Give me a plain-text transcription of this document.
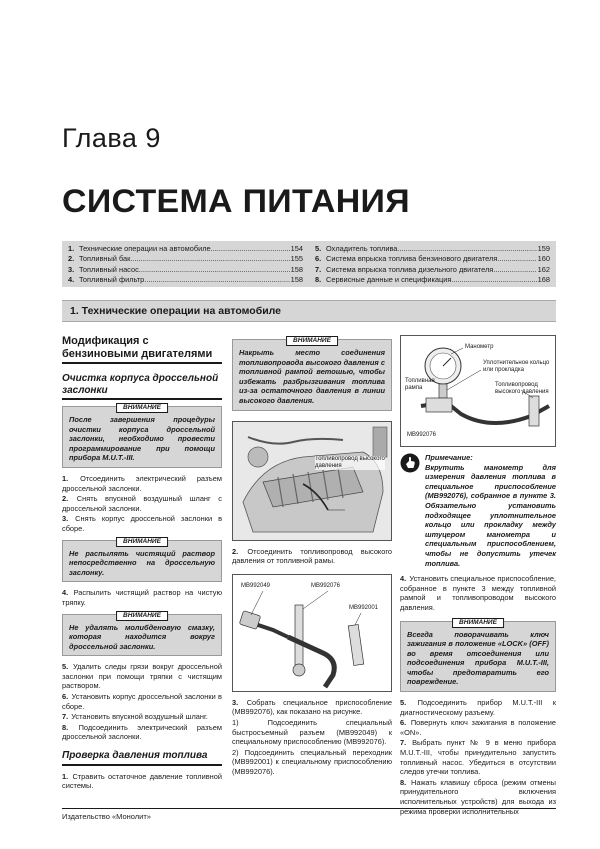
Глава 9
СИСТЕМА ПИТАНИЯ
1. Технические операции на автомобиле .....	154
2. Топливный бак .....	155
3. Топливный насос .....	158
4. Топливный фильтр .....	158
5. Охладитель топлива .....	159
6. Система впрыска топлива бензинового двигателя .....	160
7. Система впрыска топлива дизельного двигателя .....	162
8. Сервисные данные и спецификация .....	168
1. Технические операции на автомобиле
Модификация с бензиновыми двигателями
Очистка корпуса дроссельной заслонки
ВНИМАНИЕ
После завершения процедуры очистки корпуса дроссельной заслонки, необходимо провести программирование при помощи прибора M.U.T.-III.
1. Отсоединить электрический разъем дроссельной заслонки.
2. Снять впускной воздушный шланг с дроссельной заслонки.
3. Снять корпус дроссельной заслонки в сборе.
ВНИМАНИЕ
Не распылять чистящий раствор непосредственно на дроссельную заслонку.
4. Распылить чистящий раствор на чистую тряпку.
ВНИМАНИЕ
Не удалять молибденовую смазку, которая находится вокруг дроссельной заслонки.
5. Удалить следы грязи вокруг дроссельной заслонки при помощи тряпки с чистящим раствором.
6. Установить корпус дроссельной заслонки в сборе.
7. Установить впускной воздушный шланг.
8. Подсоединить электрический разъем дроссельной заслонки.
Проверка давления топлива
1. Стравить остаточное давление топливной системы.
ВНИМАНИЕ
Накрыть место соединения топливопровода высокого давления с топливной рампой ветошью, чтобы избежать разбрызгивания топлива из-за остаточного давления в линии высокого давления.
Топливопровод высокого давления
2. Отсоединить топливопровод высокого давления от топливной рамы.
MB992049	MB992076
MB992001
3. Собрать специальное приспособление (MB992076), как показано на рисунке.
1) Подсоединить специальный быстросъемный разъем (MB992049) к специальному приспособлению (MB992076).
2) Подсоединить специальный переходник (MB992001) к специальному приспособлению (MB992076).
Манометр
Уплотнительное кольцо или прокладка
Топливная рампа	Топливопровод высокого давления
MB992076
Примечание:
Вкрутить манометр для измерения давления топлива в специальное приспособление (MB992076), собранное в пункте 3. Обязательно установить подходящее уплотнительное кольцо или прокладку между штуцером манометра и специальным приспособлением, чтобы не допустить утечек топлива.
4. Установить специальное приспособление, собранное в пункте 3 между топливной рампой и топливопроводом высокого давления.
ВНИМАНИЕ
Всегда поворачивать ключ зажигания в положение «LOCK» (OFF) во время отсоединения или подсоединения прибора M.U.T.-III, чтобы предотвратить его повреждение.
5. Подсоединить прибор M.U.T.-III к диагностическому разъему.
6. Повернуть ключ зажигания в положение «ON».
7. Выбрать пункт № 9 в меню прибора M.U.T.-III, чтобы принудительно запустить топливный насос. Убедиться в отсутствии следов утечки топлива.
8. Нажать клавишу сброса (режим отмены принудительного включения исполнительных устройств) для выхода из режима проверки исполнительных
Издательство «Монолит»
